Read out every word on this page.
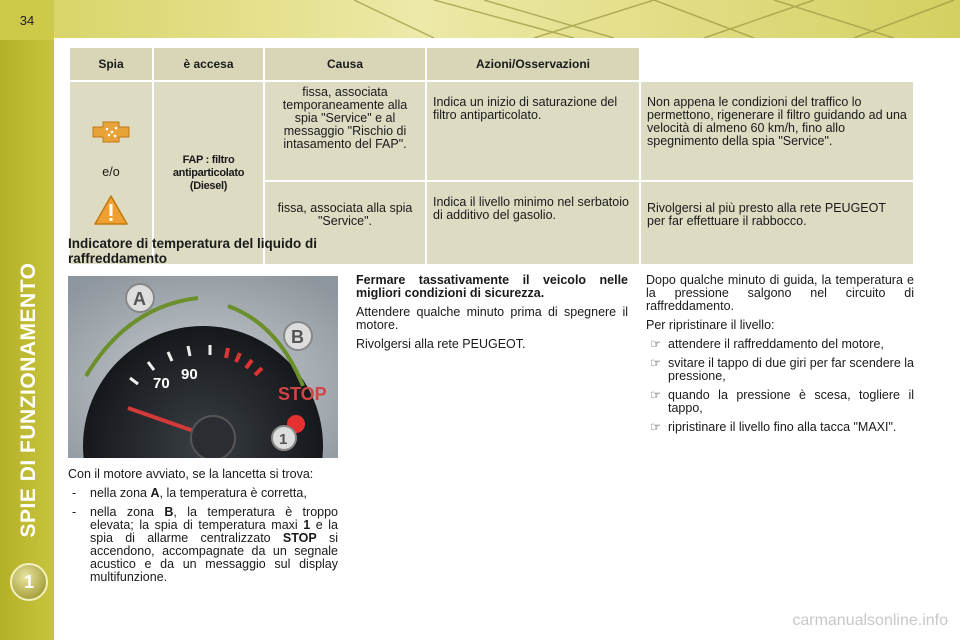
34
SPIE DI FUNZIONAMENTO
1
Spia	è accesa	Causa	Azioni/Osservazioni	

e/o	FAP : filtro antiparticolato (Diesel)	fissa, associata temporaneamente alla spia "Service" e al messaggio "Rischio di intasamento del FAP".	Indica un inizio di saturazione del filtro antiparticolato.	Non appena le condizioni del traffico lo permettono, rigenerare il filtro guidando ad una velocità di almeno 60 km/h, fino allo spegnimento della spia "Service".
		fissa, associata alla spia "Service".	Indica il livello minimo nel serbatoio di additivo del gasolio.	Rivolgersi al più presto alla rete PEUGEOT per far effettuare il rabbocco.
Indicatore di temperatura del liquido di raffreddamento
70
90
STOP
A
B
1

Con il motore avviato, se la lancetta si trova:

- nella zona A, la temperatura è corretta,
- nella zona B, la temperatura è troppo elevata; la spia di temperatura maxi 1 e la spia di allarme centralizzato STOP si accendono, accompagnate da un segnale acustico e da un messaggio sul display multifunzione.

Fermare tassativamente il veicolo nelle migliori condizioni di sicurezza.

Attendere qualche minuto prima di spegnere il motore.

Rivolgersi alla rete PEUGEOT.

Dopo qualche minuto di guida, la temperatura e la pressione salgono nel circuito di raffreddamento.

Per ripristinare il livello:

☞ attendere il raffreddamento del motore,
☞ svitare il tappo di due giri per far scendere la pressione,
☞ quando la pressione è scesa, togliere il tappo,
☞ ripristinare il livello fino alla tacca "MAXI".
carmanualsonline.info
